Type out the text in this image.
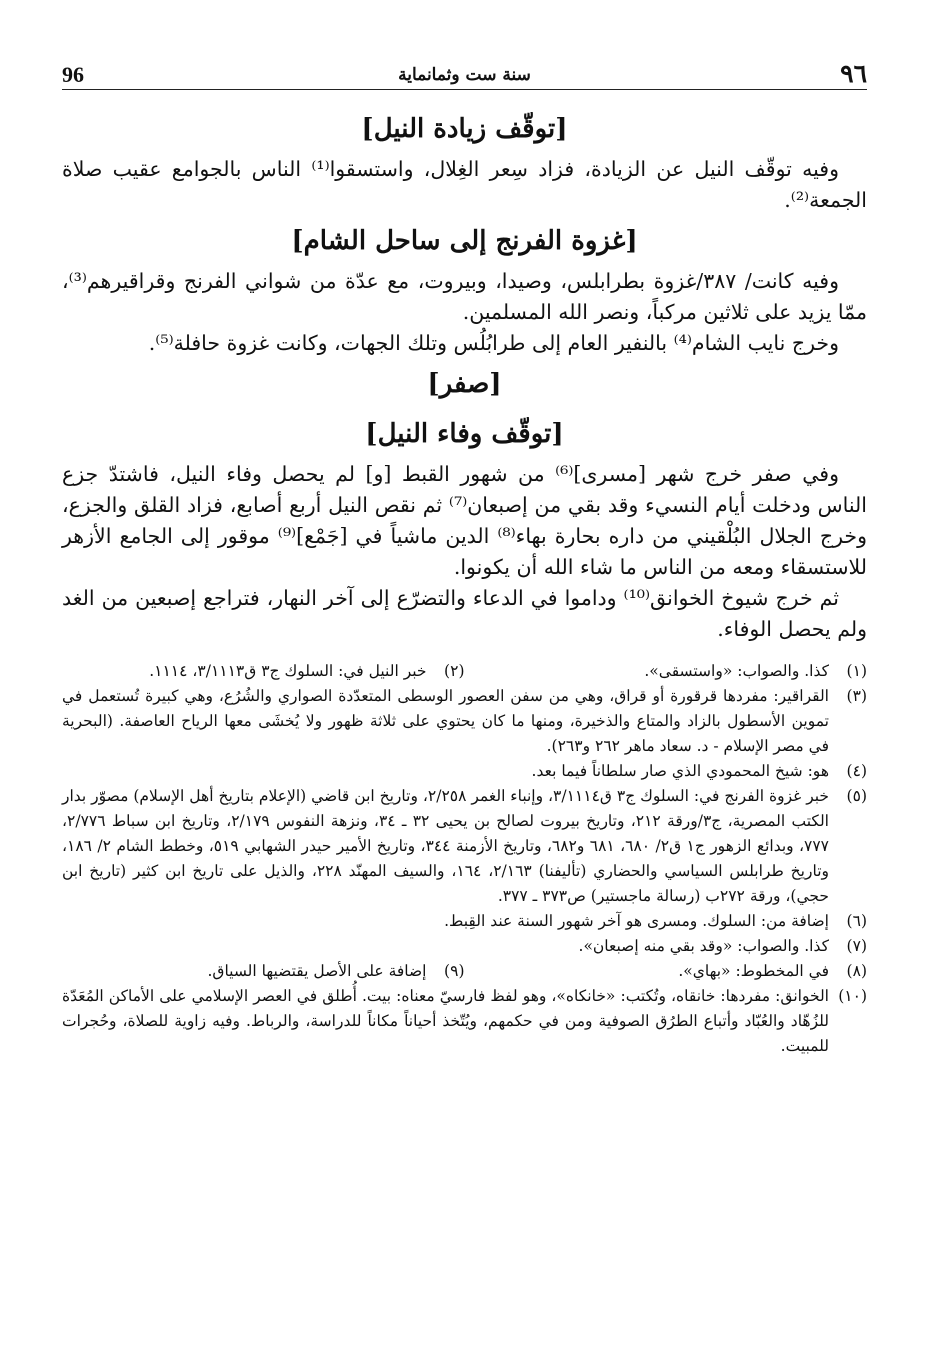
٩٦
سنة ست وثمانماية
96
[توقّف زيادة النيل]

وفيه توقّف النيل عن الزيادة، فزاد سِعر الغِلال، واستسقوا⁽¹⁾ الناس بالجوامع عقيب صلاة الجمعة⁽²⁾.

[غزوة الفرنج إلى ساحل الشام]

وفيه كانت/ ٣٨٧/غزوة بطرابلس، وصيدا، وبيروت، مع عدّة من شواني الفرنج وقراقيرهم⁽³⁾، ممّا يزيد على ثلاثين مركباً، ونصر الله المسلمين.

وخرج نايب الشام⁽⁴⁾ بالنفير العام إلى طرابُلُس وتلك الجهات، وكانت غزوة حافلة⁽⁵⁾.

[صفر]
[توقّف وفاء النيل]

وفي صفر خرج شهر [مسرى]⁽⁶⁾ من شهور القبط [و] لم يحصل وفاء النيل، فاشتدّ جزع الناس ودخلت أيام النسيء وقد بقي من إصبعان⁽⁷⁾ ثم نقص النيل أربع أصابع، فزاد القلق والجزع، وخرج الجلال البُلْقيني من داره بحارة بهاء⁽⁸⁾ الدين ماشياً في [جَمْع]⁽⁹⁾ موقور إلى الجامع الأزهر للاستسقاء ومعه من الناس ما شاء الله أن يكونوا.

ثم خرج شيوخ الخوانق⁽¹⁰⁾ وداموا في الدعاء والتضرّع إلى آخر النهار، فتراجع إصبعين من الغد ولم يحصل الوفاء.

(١)
كذا. والصواب: «واستسقى».
(٢)
خبر النيل في: السلوك ج٣ ق٣/١١١٣، ١١١٤.
(٣)
القراقير: مفردها قرقورة أو قراق، وهي من سفن العصور الوسطى المتعدّدة الصواري والشُرُع، وهي كبيرة تُستعمل في تموين الأسطول بالزاد والمتاع والذخيرة، ومنها ما كان يحتوي على ثلاثة ظهور ولا يُخشَى معها الرياح العاصفة. (البحرية في مصر الإسلام - د. سعاد ماهر ٢٦٢ و٢٦٣).
(٤)
هو: شيخ المحمودي الذي صار سلطاناً فيما بعد.
(٥)
خبر غزوة الفرنج في: السلوك ج٣ ق٣/١١١٤، وإنباء الغمر ٢/٢٥٨، وتاريخ ابن قاضي (الإعلام بتاريخ أهل الإسلام) مصوّر بدار الكتب المصرية، ج٣/ورقة ٢١٢، وتاريخ بيروت لصالح بن يحيى ٣٢ ـ ٣٤، ونزهة النفوس ٢/١٧٩، وتاريخ ابن سباط ٢/٧٧٦، ٧٧٧، وبدائع الزهور ج١ ق٢/ ٦٨٠، ٦٨١ و٦٨٢، وتاريخ الأزمنة ٣٤٤، وتاريخ الأمير حيدر الشهابي ٥١٩، وخطط الشام ٢/ ١٨٦، وتاريخ طرابلس السياسي والحضاري (تأليفنا) ٢/١٦٣، ١٦٤، والسيف المهنّد ٢٢٨، والذيل على تاريخ ابن كثير (تاريخ ابن حجي)، ورقة ٢٧٢ب (رسالة ماجستير) ص٣٧٣ ـ ٣٧٧.
(٦)
إضافة من: السلوك. ومسرى هو آخر شهور السنة عند القِبط.
(٧)
كذا. والصواب: «وقد بقي منه إصبعان».
(٨)
في المخطوط: «بهاي».
(٩)
إضافة على الأصل يقتضيها السياق.
(١٠)
الخوانق: مفردها: خانقاه، وتُكتب: «خانكاه»، وهو لفظ فارسيّ معناه: بيت. أُطلق في العصر الإسلامي على الأماكن المُعَدّة للزُهّاد والعُبّاد وأتباع الطرُق الصوفية ومن في حكمهم، ويُتّخذ أحياناً مكاناً للدراسة، والرباط. وفيه زاوية للصلاة، وحُجرات للمبيت.
